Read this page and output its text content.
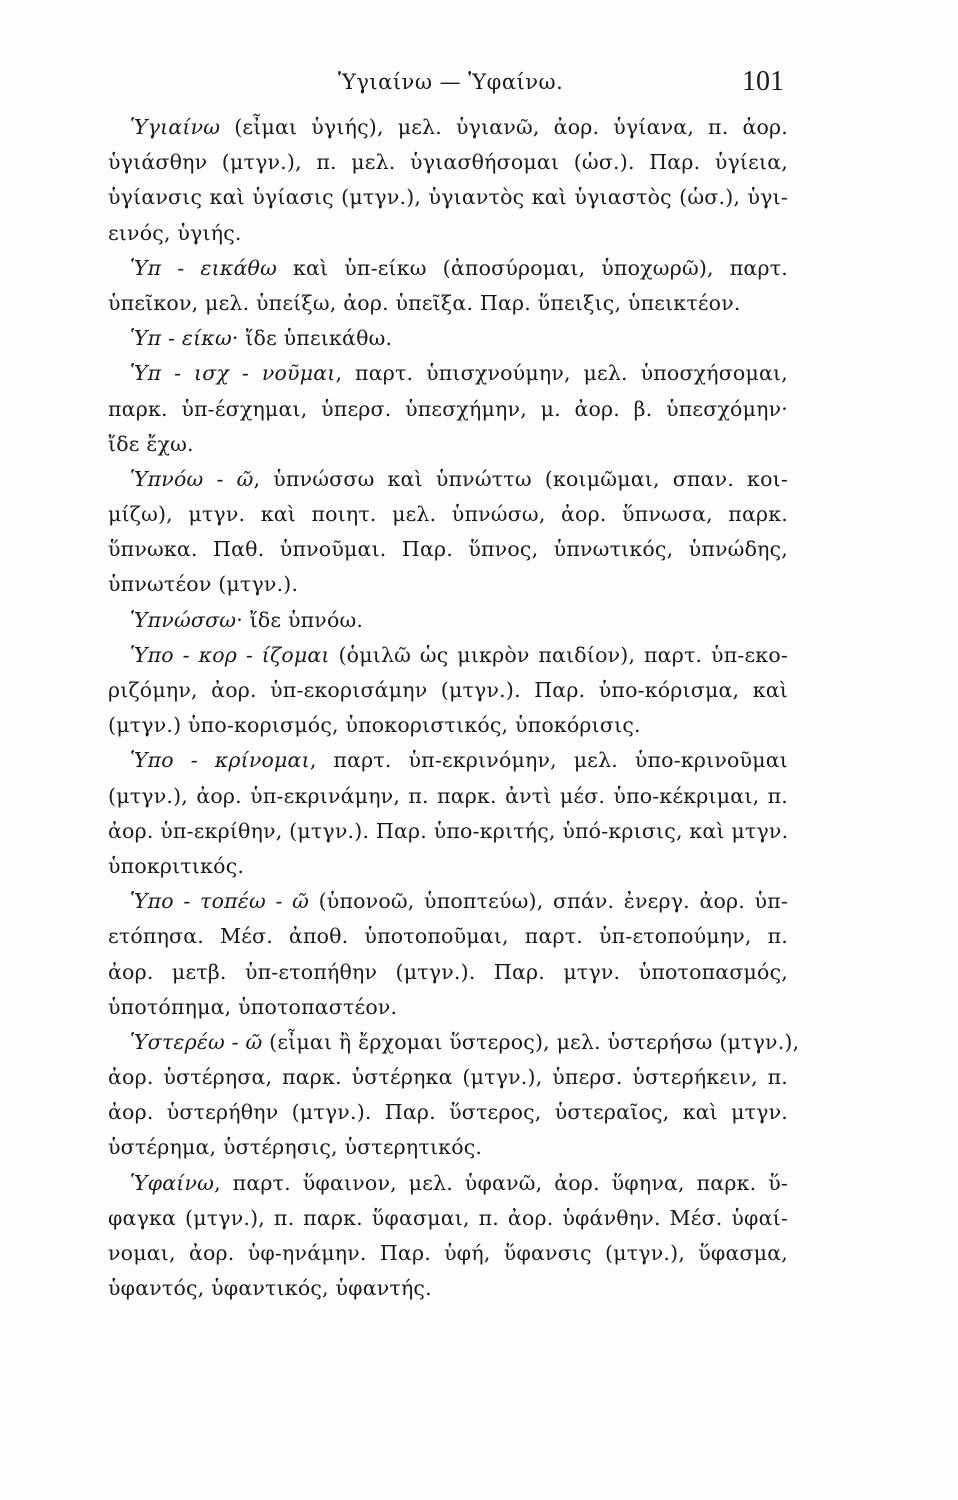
Ὑγιαίνω — Ὑφαίνω.	101
Ὑγιαίνω (εἶμαι ὑγιής), μελ. ὑγιανῶ, ἀορ. ὑγίανα, π. ἀορ.
ὑγιάσθην (μτγν.), π. μελ. ὑγιασθήσομαι (ὡσ.). Παρ. ὑγίεια,
ὑγίανσις καὶ ὑγίασις (μτγν.), ὑγιαντὸς καὶ ὑγιαστὸς (ὡσ.), ὑγι-
εινός, ὑγιής.
Ὑπ - εικάθω καὶ ὑπ-είκω (ἀποσύρομαι, ὑποχωρῶ), παρτ.
ὑπεῖκον, μελ. ὑπείξω, ἀορ. ὑπεῖξα. Παρ. ὕπειξις, ὑπεικτέον.
Ὑπ - είκω· ἴδε ὑπεικάθω.
Ὑπ - ισχ - νοῦμαι, παρτ. ὑπισχνούμην, μελ. ὑποσχήσομαι,
παρκ. ὑπ-έσχημαι, ὑπερσ. ὑπεσχήμην, μ. ἀορ. β. ὑπεσχόμην·
ἴδε ἔχω.
Ὑπνόω - ῶ, ὑπνώσσω καὶ ὑπνώττω (κοιμῶμαι, σπαν. κοι-
μίζω), μτγν. καὶ ποιητ. μελ. ὑπνώσω, ἀορ. ὕπνωσα, παρκ.
ὕπνωκα. Παθ. ὑπνοῦμαι. Παρ. ὕπνος, ὑπνωτικός, ὑπνώδης,
ὑπνωτέον (μτγν.).
Ὑπνώσσω· ἴδε ὑπνόω.
Ὑπο - κορ - ίζομαι (ὁμιλῶ ὡς μικρὸν παιδίον), παρτ. ὑπ-εκο-
ριζόμην, ἀορ. ὑπ-εκορισάμην (μτγν.). Παρ. ὑπο-κόρισμα, καὶ
(μτγν.) ὑπο-κορισμός, ὑποκοριστικός, ὑποκόρισις.
Ὑπο - κρίνομαι, παρτ. ὑπ-εκρινόμην, μελ. ὑπο-κρινοῦμαι
(μτγν.), ἀορ. ὑπ-εκρινάμην, π. παρκ. ἀντὶ μέσ. ὑπο-κέκριμαι, π.
ἀορ. ὑπ-εκρίθην, (μτγν.). Παρ. ὑπο-κριτής, ὑπό-κρισις, καὶ μτγν.
ὑποκριτικός.
Ὑπο - τοπέω - ῶ (ὑπονοῶ, ὑποπτεύω), σπάν. ἐνεργ. ἀορ. ὑπ-
ετόπησα. Μέσ. ἀποθ. ὑποτοποῦμαι, παρτ. ὑπ-ετοπούμην, π.
ἀορ. μετβ. ὑπ-ετοπήθην (μτγν.). Παρ. μτγν. ὑποτοπασμός,
ὑποτόπημα, ὑποτοπαστέον.
Ὑστερέω - ῶ (εἶμαι ἢ ἔρχομαι ὕστερος), μελ. ὑστερήσω (μτγν.),
ἀορ. ὑστέρησα, παρκ. ὑστέρηκα (μτγν.), ὑπερσ. ὑστερήκειν, π.
ἀορ. ὑστερήθην (μτγν.). Παρ. ὕστερος, ὑστεραῖος, καὶ μτγν.
ὑστέρημα, ὑστέρησις, ὑστερητικός.
Ὑφαίνω, παρτ. ὕφαινον, μελ. ὑφανῶ, ἀορ. ὕφηνα, παρκ. ὕ-
φαγκα (μτγν.), π. παρκ. ὕφασμαι, π. ἀορ. ὑφάνθην. Μέσ. ὑφαί-
νομαι, ἀορ. ὑφ-ηνάμην. Παρ. ὑφή, ὕφανσις (μτγν.), ὕφασμα,
ὑφαντός, ὑφαντικός, ὑφαντής.
